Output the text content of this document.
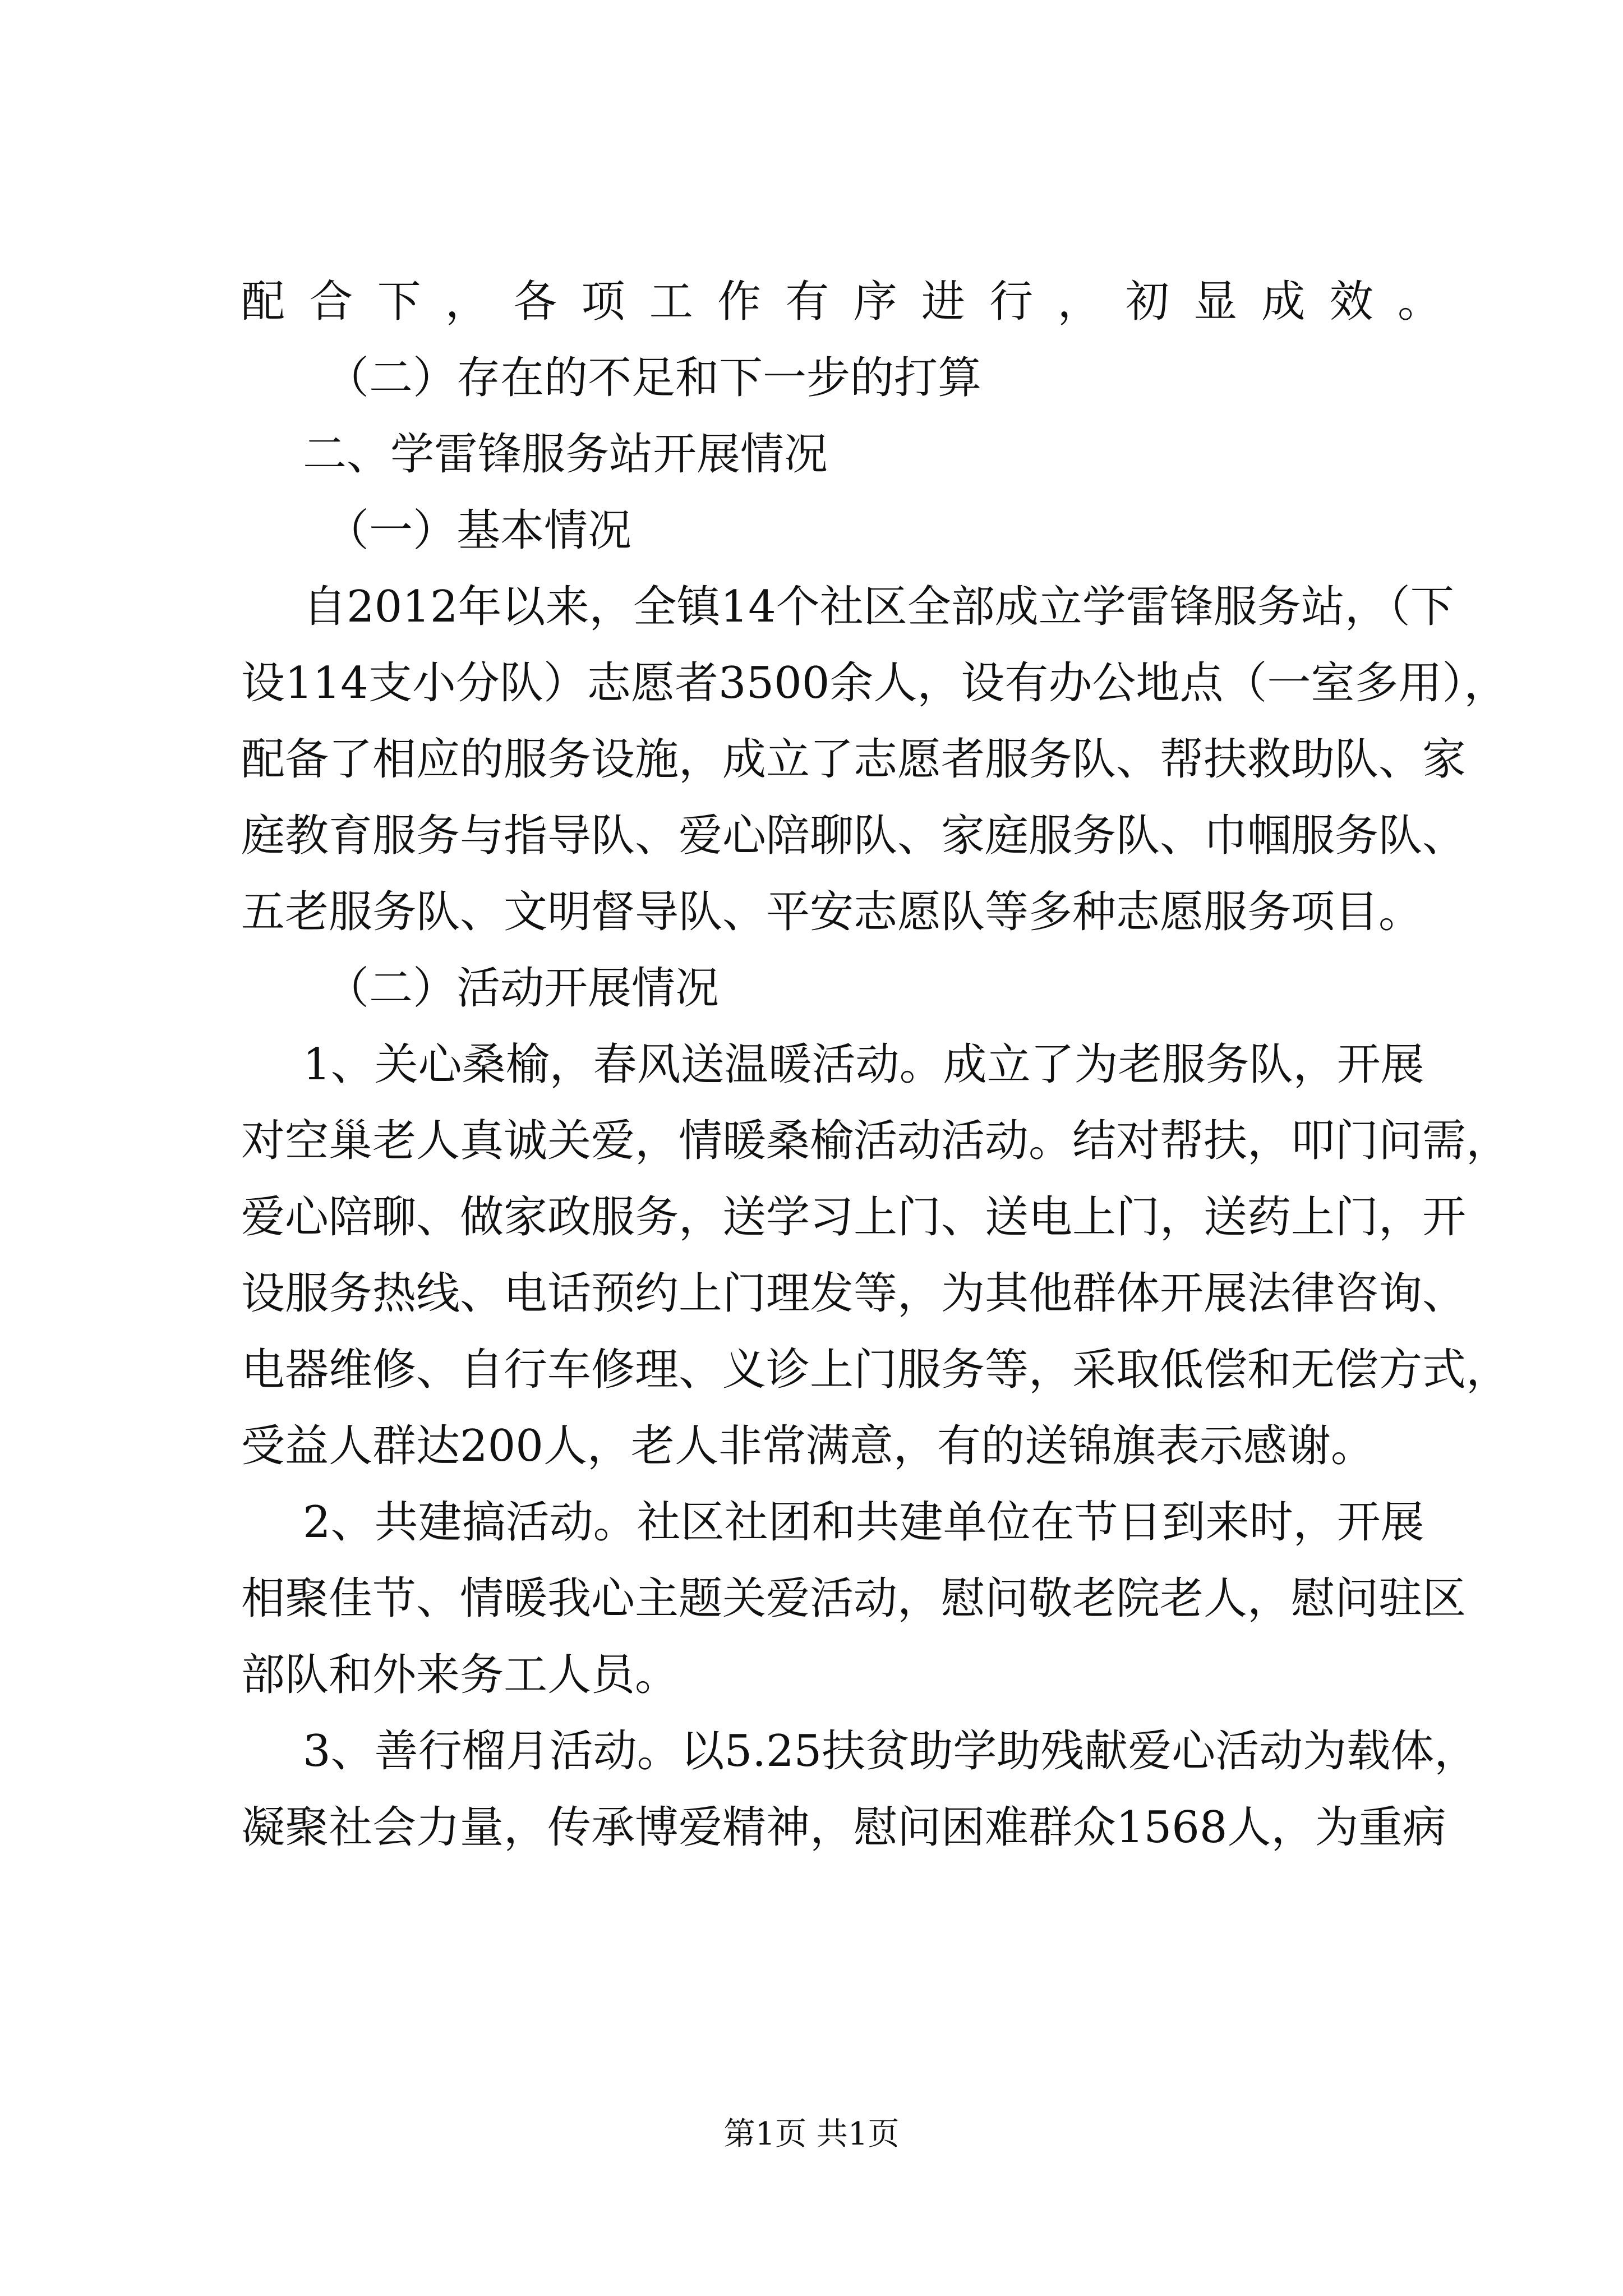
配合下，各项工作有序进行，初显成效。
（二）存在的不足和下一步的打算
二、学雷锋服务站开展情况
（一）基本情况
自2012年以来，全镇14个社区全部成立学雷锋服务站，（下
设114支小分队）志愿者3500余人，设有办公地点（一室多用），
配备了相应的服务设施，成立了志愿者服务队、帮扶救助队、家
庭教育服务与指导队、爱心陪聊队、家庭服务队、巾帼服务队、
五老服务队、文明督导队、平安志愿队等多种志愿服务项目。
（二）活动开展情况
1、关心桑榆，春风送温暖活动。成立了为老服务队，开展
对空巢老人真诚关爱，情暖桑榆活动活动。结对帮扶，叩门问需，
爱心陪聊、做家政服务，送学习上门、送电上门，送药上门，开
设服务热线、电话预约上门理发等，为其他群体开展法律咨询、
电器维修、自行车修理、义诊上门服务等，采取低偿和无偿方式，
受益人群达200人，老人非常满意，有的送锦旗表示感谢。
2、共建搞活动。社区社团和共建单位在节日到来时，开展
相聚佳节、情暖我心主题关爱活动，慰问敬老院老人，慰问驻区
部队和外来务工人员。
3、善行榴月活动。以5.25扶贫助学助残献爱心活动为载体，
凝聚社会力量，传承博爱精神，慰问困难群众1568人，为重病
第1页 共1页
